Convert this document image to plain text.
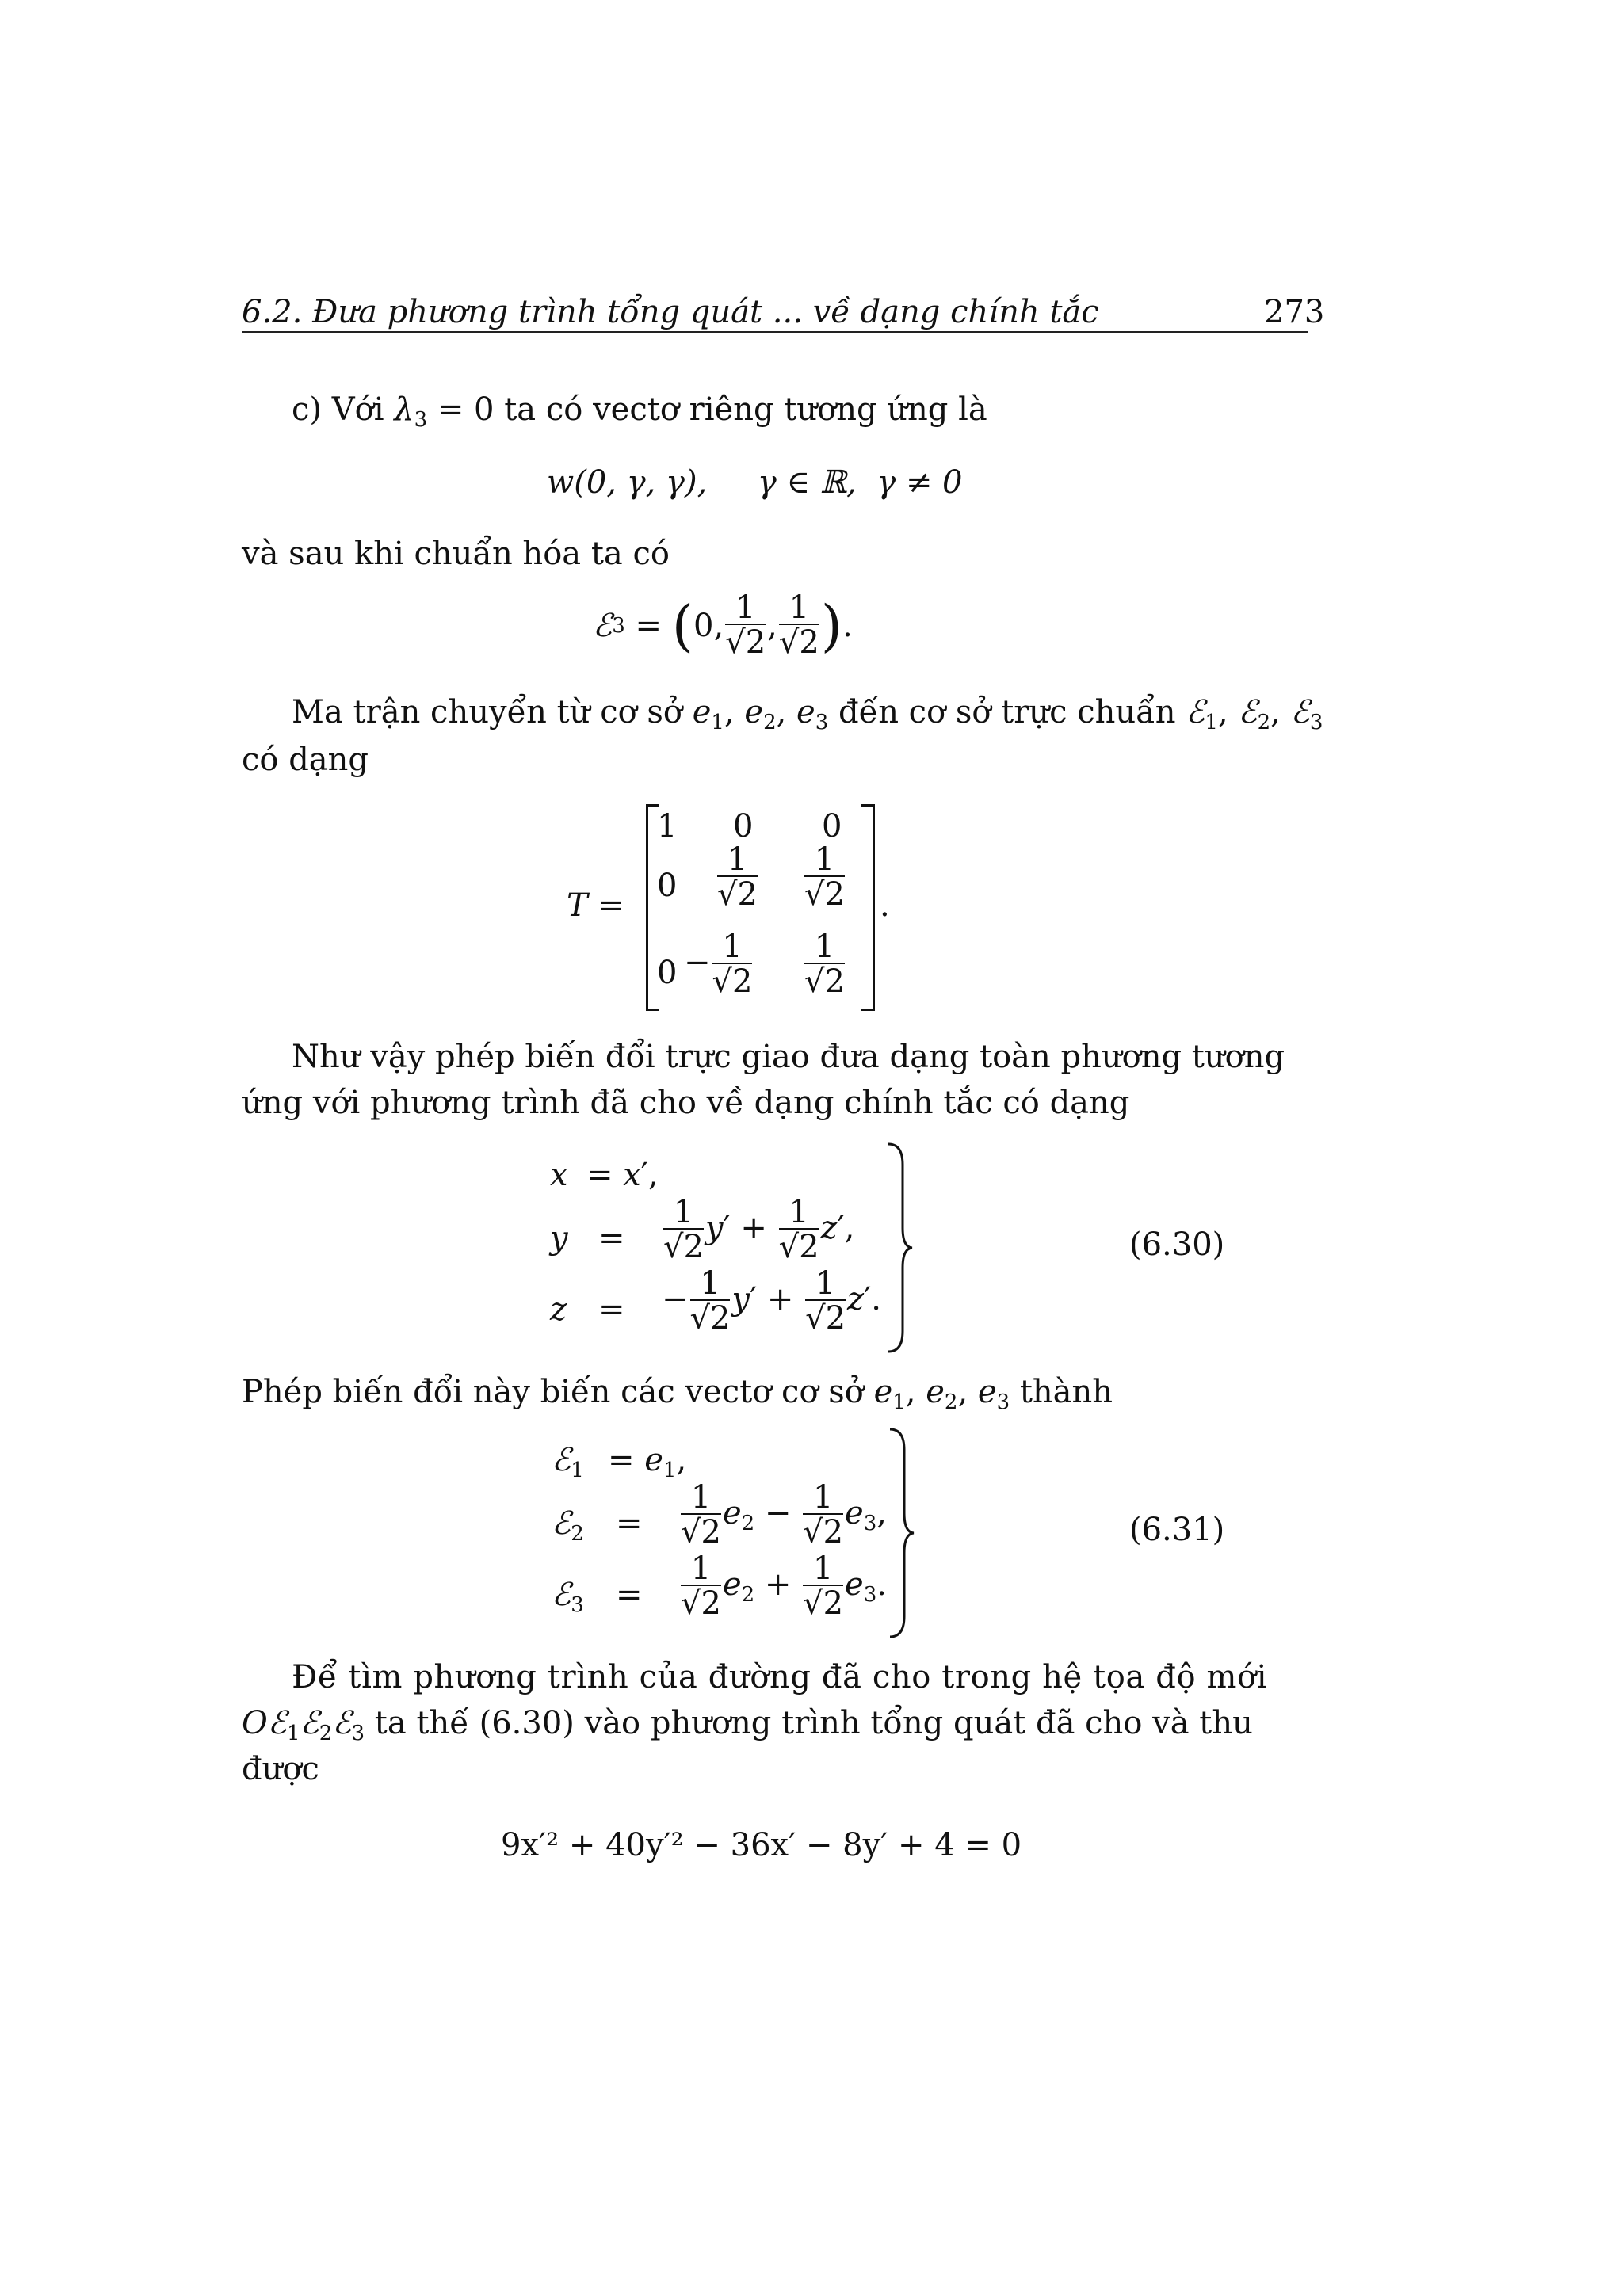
6.2. Đưa phương trình tổng quát ... về dạng chính tắc	273
c) Với $\lambda_3 = 0$ ta có vectơ riêng tương ứng là
w(0, γ, γ),     γ ∈ ℝ,  γ ≠ 0
và sau khi chuẩn hóa ta có
ℰ 3 = ( 0, $\frac{1}{√2}$ , $\frac{1}{√2}$ ) .
Ma trận chuyển từ cơ sở $e_1$, $e_2$, $e_3$ đến cơ sở trực chuẩn ℰ$_1$, ℰ$_2$, ℰ$_3$
có dạng
T =
1 0 0
$0 \frac{1}{√2} \frac{1}{√2}$
$0 - \frac{1}{√2} \frac{1}{√2}$
.
Như vậy phép biến đổi trực giao đưa dạng toàn phương tương
ứng với phương trình đã cho về dạng chính tắc có dạng
x = x′,
$y = \frac{1}{√2} y' + \frac{1}{√2} z'$,
z = − $\frac{1}{√2} y' + \frac{1}{√2} z'$.
(6.30)
Phép biến đổi này biến các vectơ cơ sở $e_1$, $e_2$, $e_3$ thành
ℰ$_1$ = $e_1$,
ℰ$_2$ = $\frac{1}{√2} e_2 - \frac{1}{√2} e_3$,
ℰ$_3$ = $\frac{1}{√2} e_2 + \frac{1}{√2} e_3$.
(6.31)
Để tìm phương trình của đường đã cho trong hệ tọa độ mới
Oℰ$_1$ℰ$_2$ℰ$_3$ ta thế (6.30) vào phương trình tổng quát đã cho và thu
được
9x′² + 40y′² − 36x′ − 8y′ + 4 = 0
